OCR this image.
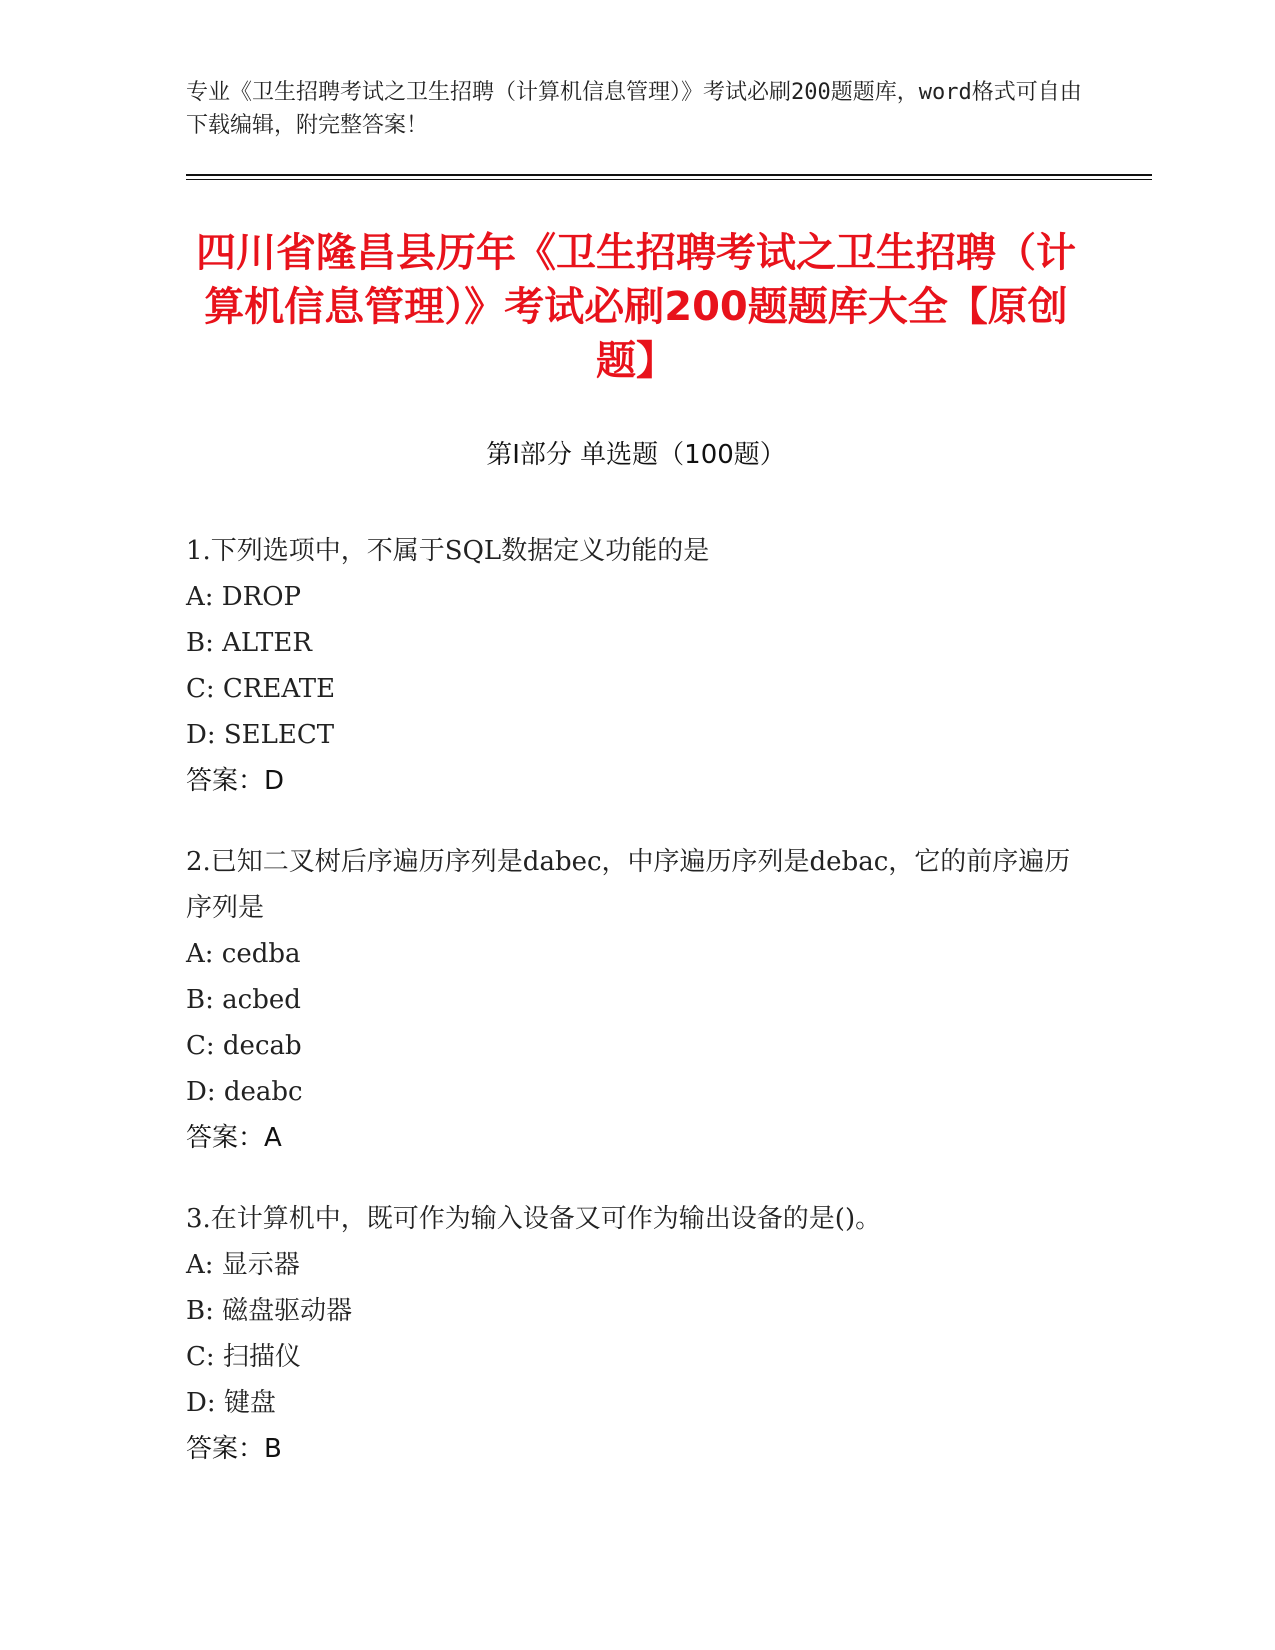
专业《卫生招聘考试之卫生招聘（计算机信息管理）》考试必刷200题题库，word格式可自由下载编辑，附完整答案！
四川省隆昌县历年《卫生招聘考试之卫生招聘（计算机信息管理）》考试必刷200题题库大全【原创题】
第I部分 单选题（100题）

1.下列选项中，不属于SQL数据定义功能的是

A: DROP

B: ALTER

C: CREATE

D: SELECT

答案：D

2.已知二叉树后序遍历序列是dabec，中序遍历序列是debac，它的前序遍历序列是

A: cedba

B: acbed

C: decab

D: deabc

答案：A

3.在计算机中，既可作为输入设备又可作为输出设备的是()。

A: 显示器

B: 磁盘驱动器

C: 扫描仪

D: 键盘

答案：B
